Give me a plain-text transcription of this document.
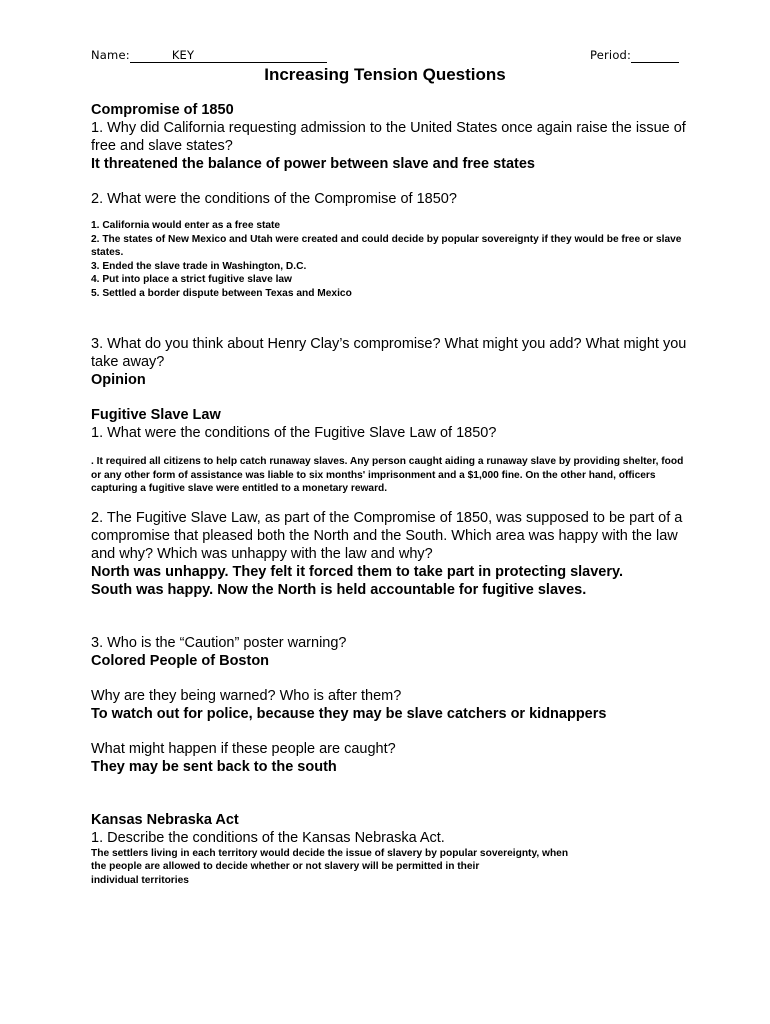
Name:	KEY	Period:
Increasing Tension Questions

Compromise of 1850

1. Why did California requesting admission to the United States once again raise the issue of free and slave states?

It threatened the balance of power between slave and free states

2. What were the conditions of the Compromise of 1850?

1. California would enter as a free state

2. The states of New Mexico and Utah were created and could decide by popular sovereignty if they would be free or slave states.

3. Ended the slave trade in Washington, D.C.

4. Put into place a strict fugitive slave law

5. Settled a border dispute between Texas and Mexico

3. What do you think about Henry Clay’s compromise? What might you add? What might you take away?

Opinion

Fugitive Slave Law

1. What were the conditions of the Fugitive Slave Law of 1850?

. It required all citizens to help catch runaway slaves. Any person caught aiding a runaway slave by providing shelter, food or any other form of assistance was liable to six months' imprisonment and a $1,000 fine. On the other hand, officers capturing a fugitive slave were entitled to a monetary reward.

2. The Fugitive Slave Law, as part of the Compromise of 1850, was supposed to be part of a compromise that pleased both the North and the South. Which area was happy with the law and why? Which was unhappy with the law and why?

North was unhappy. They felt it forced them to take part in protecting slavery.

South was happy. Now the North is held accountable for fugitive slaves.

3. Who is the “Caution” poster warning?

Colored People of Boston

Why are they being warned? Who is after them?

To watch out for police, because they may be slave catchers or kidnappers

What might happen if these people are caught?

They may be sent back to the south

Kansas Nebraska Act

1. Describe the conditions of the Kansas Nebraska Act.

The settlers living in each territory would decide the issue of slavery by popular sovereignty, when

the people are allowed to decide whether or not slavery will be permitted in their

individual territories
